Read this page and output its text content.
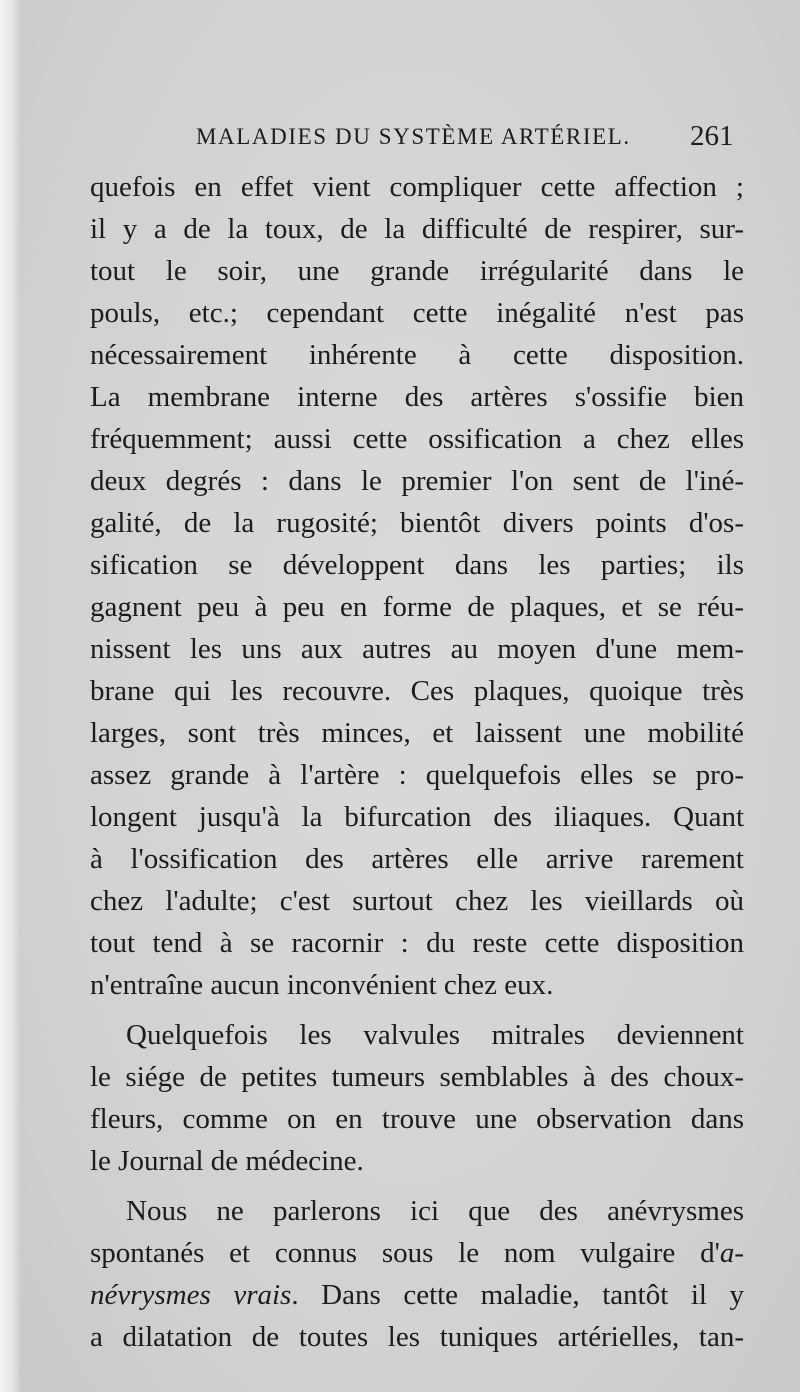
MALADIES DU SYSTÈME ARTÉRIEL. 261
quefois en effet vient compliquer cette affection ;
il y a de la toux, de la difficulté de respirer, sur-
tout le soir, une grande irrégularité dans le
pouls, etc.; cependant cette inégalité n'est pas
nécessairement inhérente à cette disposition.
La membrane interne des artères s'ossifie bien
fréquemment; aussi cette ossification a chez elles
deux degrés : dans le premier l'on sent de l'iné-
galité, de la rugosité; bientôt divers points d'os-
sification se développent dans les parties; ils
gagnent peu à peu en forme de plaques, et se réu-
nissent les uns aux autres au moyen d'une mem-
brane qui les recouvre. Ces plaques, quoique très
larges, sont très minces, et laissent une mobilité
assez grande à l'artère : quelquefois elles se pro-
longent jusqu'à la bifurcation des iliaques. Quant
à l'ossification des artères elle arrive rarement
chez l'adulte; c'est surtout chez les vieillards où
tout tend à se racornir : du reste cette disposition
n'entraîne aucun inconvénient chez eux.
Quelquefois les valvules mitrales deviennent
le siége de petites tumeurs semblables à des choux-
fleurs, comme on en trouve une observation dans
le Journal de médecine.
Nous ne parlerons ici que des anévrysmes
spontanés et connus sous le nom vulgaire d'a-
névrysmes vrais. Dans cette maladie, tantôt il y
a dilatation de toutes les tuniques artérielles, tan-
